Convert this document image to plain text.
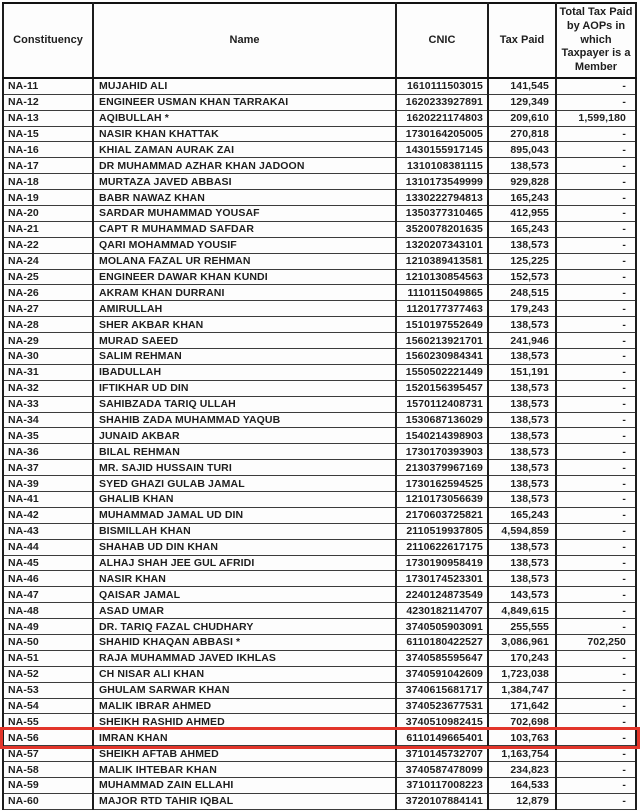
Constituency	Name	CNIC	Tax Paid	Total Tax Paid by AOPs in which Taxpayer is a Member
NA-11	MUJAHID ALI	1610111503015	141,545	-
NA-12	ENGINEER USMAN KHAN TARRAKAI	1620233927891	129,349	-
NA-13	AQIBULLAH *	1620221174803	209,610	1,599,180
NA-15	NASIR KHAN KHATTAK	1730164205005	270,818	-
NA-16	KHIAL ZAMAN AURAK ZAI	1430155917145	895,043	-
NA-17	DR MUHAMMAD AZHAR KHAN JADOON	1310108381115	138,573	-
NA-18	MURTAZA JAVED ABBASI	1310173549999	929,828	-
NA-19	BABR NAWAZ KHAN	1330222794813	165,243	-
NA-20	SARDAR MUHAMMAD YOUSAF	1350377310465	412,955	-
NA-21	CAPT R MUHAMMAD SAFDAR	3520078201635	165,243	-
NA-22	QARI MOHAMMAD YOUSIF	1320207343101	138,573	-
NA-24	MOLANA FAZAL UR REHMAN	1210389413581	125,225	-
NA-25	ENGINEER DAWAR KHAN KUNDI	1210130854563	152,573	-
NA-26	AKRAM KHAN DURRANI	1110115049865	248,515	-
NA-27	AMIRULLAH	1120177377463	179,243	-
NA-28	SHER AKBAR KHAN	1510197552649	138,573	-
NA-29	MURAD SAEED	1560213921701	241,946	-
NA-30	SALIM REHMAN	1560230984341	138,573	-
NA-31	IBADULLAH	1550502221449	151,191	-
NA-32	IFTIKHAR UD DIN	1520156395457	138,573	-
NA-33	SAHIBZADA TARIQ ULLAH	1570112408731	138,573	-
NA-34	SHAHIB ZADA MUHAMMAD YAQUB	1530687136029	138,573	-
NA-35	JUNAID AKBAR	1540214398903	138,573	-
NA-36	BILAL REHMAN	1730170393903	138,573	-
NA-37	MR. SAJID HUSSAIN TURI	2130379967169	138,573	-
NA-39	SYED GHAZI GULAB JAMAL	1730162594525	138,573	-
NA-41	GHALIB KHAN	1210173056639	138,573	-
NA-42	MUHAMMAD JAMAL UD DIN	2170603725821	165,243	-
NA-43	BISMILLAH KHAN	2110519937805	4,594,859	-
NA-44	SHAHAB UD DIN KHAN	2110622617175	138,573	-
NA-45	ALHAJ SHAH JEE GUL AFRIDI	1730190958419	138,573	-
NA-46	NASIR KHAN	1730174523301	138,573	-
NA-47	QAISAR JAMAL	2240124873549	143,573	-
NA-48	ASAD UMAR	4230182114707	4,849,615	-
NA-49	DR. TARIQ FAZAL CHUDHARY	3740505903091	255,555	-
NA-50	SHAHID KHAQAN ABBASI *	6110180422527	3,086,961	702,250
NA-51	RAJA MUHAMMAD JAVED IKHLAS	3740585595647	170,243	-
NA-52	CH NISAR ALI KHAN	3740591042609	1,723,038	-
NA-53	GHULAM SARWAR KHAN	3740615681717	1,384,747	-
NA-54	MALIK IBRAR AHMED	3740523677531	171,642	-
NA-55	SHEIKH RASHID AHMED	3740510982415	702,698	-
NA-56	IMRAN KHAN	6110149665401	103,763	-
NA-57	SHEIKH AFTAB AHMED	3710145732707	1,163,754	-
NA-58	MALIK IHTEBAR KHAN	3740587478099	234,823	-
NA-59	MUHAMMAD ZAIN ELLAHI	3710117008223	164,533	-
NA-60	MAJOR RTD TAHIR IQBAL	3720107884141	12,879	-
